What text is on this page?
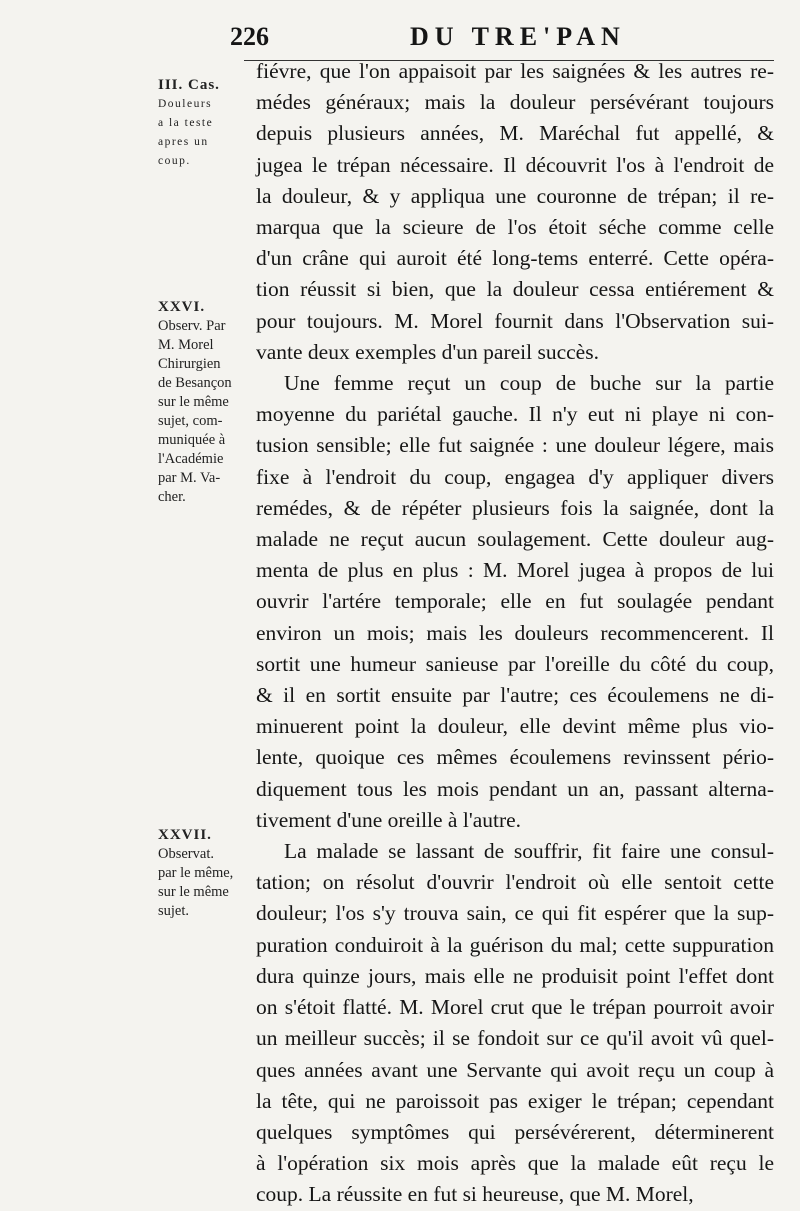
226	DU TRE'PAN
III. Cas.
Douleurs
a la teste
apres un
coup.
XXVI.
Observ. Par
M. Morel
Chirurgien
de Besançon
sur le même
sujet, com-
muniquée à
l'Académie
par M. Va-
cher.
XXVII.
Observat.
par le même,
sur le même
sujet.

fiévre, que l'on appaisoit par les saignées & les autres re-
médes généraux; mais la douleur persévérant toujours
depuis plusieurs années, M. Maréchal fut appellé, &
jugea le trépan nécessaire. Il découvrit l'os à l'endroit de
la douleur, & y appliqua une couronne de trépan; il re-
marqua que la scieure de l'os étoit séche comme celle
d'un crâne qui auroit été long-tems enterré. Cette opéra-
tion réussit si bien, que la douleur cessa entiérement &
pour toujours. M. Morel fournit dans l'Observation sui-
vante deux exemples d'un pareil succès.

Une femme reçut un coup de buche sur la partie
moyenne du pariétal gauche. Il n'y eut ni playe ni con-
tusion sensible; elle fut saignée : une douleur légere, mais
fixe à l'endroit du coup, engagea d'y appliquer divers
remédes, & de répéter plusieurs fois la saignée, dont la
malade ne reçut aucun soulagement. Cette douleur aug-
menta de plus en plus : M. Morel jugea à propos de lui
ouvrir l'artére temporale; elle en fut soulagée pendant
environ un mois; mais les douleurs recommencerent. Il
sortit une humeur sanieuse par l'oreille du côté du coup,
& il en sortit ensuite par l'autre; ces écoulemens ne di-
minuerent point la douleur, elle devint même plus vio-
lente, quoique ces mêmes écoulemens revinssent pério-
diquement tous les mois pendant un an, passant alterna-
tivement d'une oreille à l'autre.

La malade se lassant de souffrir, fit faire une consul-
tation; on résolut d'ouvrir l'endroit où elle sentoit cette
douleur; l'os s'y trouva sain, ce qui fit espérer que la sup-
puration conduiroit à la guérison du mal; cette suppuration
dura quinze jours, mais elle ne produisit point l'effet dont
on s'étoit flatté. M. Morel crut que le trépan pourroit avoir
un meilleur succès; il se fondoit sur ce qu'il avoit vû quel-
ques années avant une Servante qui avoit reçu un coup à
la tête, qui ne paroissoit pas exiger le trépan; cependant
quelques symptômes qui persévérerent, déterminerent
à l'opération six mois après que la malade eût reçu le
coup. La réussite en fut si heureuse, que M. Morel,
